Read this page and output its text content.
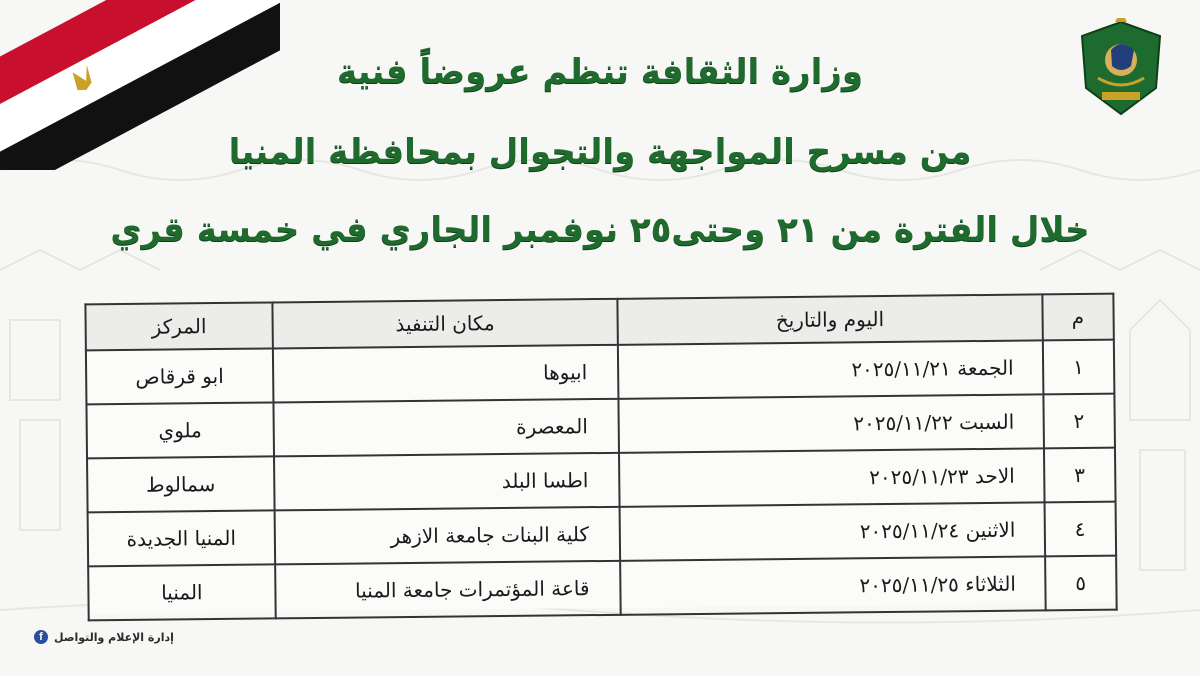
وزارة الثقافة تنظم عروضاً فنية
من مسرح المواجهة والتجوال بمحافظة المنيا
خلال الفترة من ٢١ وحتى٢٥ نوفمبر الجاري في خمسة قري
م	اليوم والتاريخ	مكان التنفيذ	المركز
١	الجمعة ٢٠٢٥/١١/٢١	ابيوها	ابو قرقاص
٢	السبت ٢٠٢٥/١١/٢٢	المعصرة	ملوي
٣	الاحد ٢٠٢٥/١١/٢٣	اطسا البلد	سمالوط
٤	الاثنين ٢٠٢٥/١١/٢٤	كلية البنات جامعة الازهر	المنيا الجديدة
٥	الثلاثاء ٢٠٢٥/١١/٢٥	قاعة المؤتمرات جامعة المنيا	المنيا
إدارة الإعلام والتواصل
f
